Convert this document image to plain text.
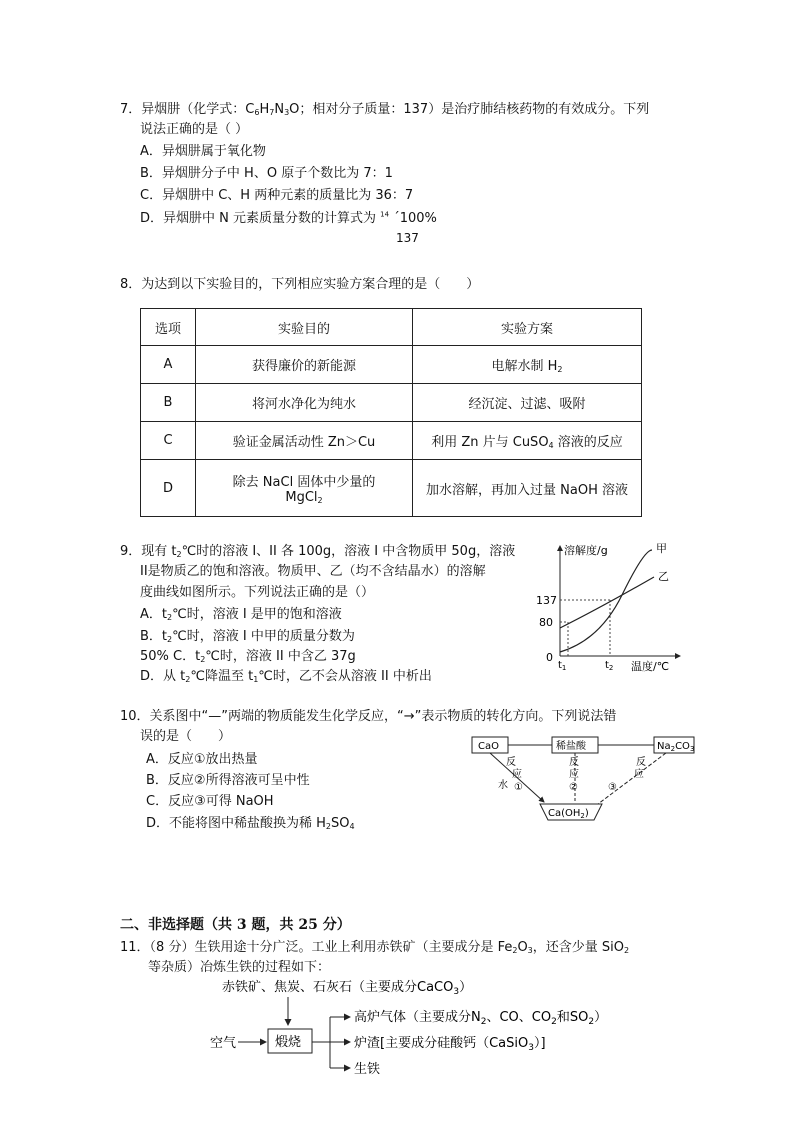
7．异烟肼（化学式：$C_6H_7N_3O$；相对分子质量：137）是治疗肺结核药物的有效成分。下列
说法正确的是（ ）
A．异烟肼属于氧化物
B．异烟肼分子中 H、O 原子个数比为 7：1
C．异烟肼中 C、H 两种元素的质量比为 36：7
D．异烟肼中 N 元素质量分数的计算式为 $^{14}$ ´100%
137
8．为达到以下实验目的，下列相应实验方案合理的是（　　）
选项	实验目的	实验方案
A	获得廉价的新能源	电解水制 $H_2$
B	将河水净化为纯水	经沉淀、过滤、吸附
C	验证金属活动性 Zn＞Cu	利用 Zn 片与 CuSO$_4$ 溶液的反应
D	除去 NaCl 固体中少量的
MgCl$_2$	加水溶解，再加入过量 NaOH 溶液
9．现有 $t_2℃$时的溶液 I、II 各 100g，溶液 I 中含物质甲 50g，溶液
II是物质乙的饱和溶液。物质甲、乙（均不含结晶水）的溶解
度曲线如图所示。下列说法正确的是（）
A．$t_2℃$时，溶液 I 是甲的饱和溶液
B．$t_2℃$时，溶液 I 中甲的质量分数为
50% C．$t_2℃$时，溶液 II 中含乙 37g
D．从 $t_2℃$降温至 $t_1℃$时，乙不会从溶液 II 中析出
溶解度/g
温度/℃
0
137
80
$t_1$	$t_2$
甲
乙
10．关系图中“—”两端的物质能发生化学反应，“→”表示物质的转化方向。下列说法错
误的是（　　）
A．反应①放出热量
B．反应②所得溶液可呈中性
C．反应③可得 NaOH
D．不能将图中稀盐酸换为稀 $H_2SO_4$
CaO	稀盐酸	$Na_2CO_3$
$Ca(OH_2)$
反
应
①
水
反
应
②
反
应
③
二、非选择题（共 3 题，共 25 分）
11．（8 分）生铁用途十分广泛。工业上利用赤铁矿（主要成分是 $Fe_2O_3$，还含少量 SiO$_2$
等杂质）冶炼生铁的过程如下：
赤铁矿、焦炭、石灰石（主要成分CaCO$_3$）
空气	煅烧
高炉气体（主要成分$N_2$、CO、$CO_2$和$SO_2$）
炉渣[主要成分硅酸钙（CaSiO$_3$）]
生铁
